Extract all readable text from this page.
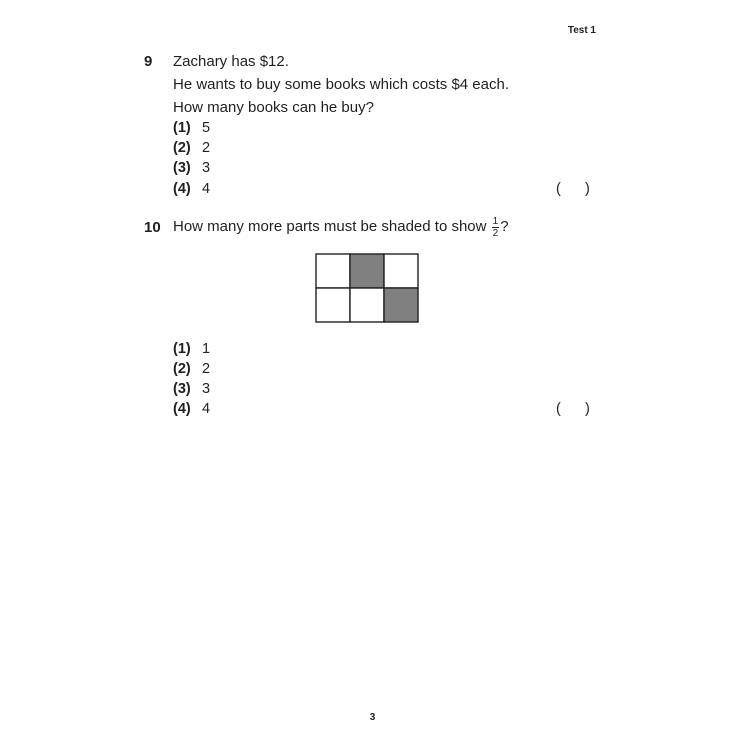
Test 1
9 Zachary has $12.
He wants to buy some books which costs $4 each.
How many books can he buy?
(1) 5
(2) 2
(3) 3
(4) 4	( )
10 How many more parts must be shaded to show $\frac{1}{2}$ ?
(1) 1
(2) 2
(3) 3
(4) 4	( )
3
